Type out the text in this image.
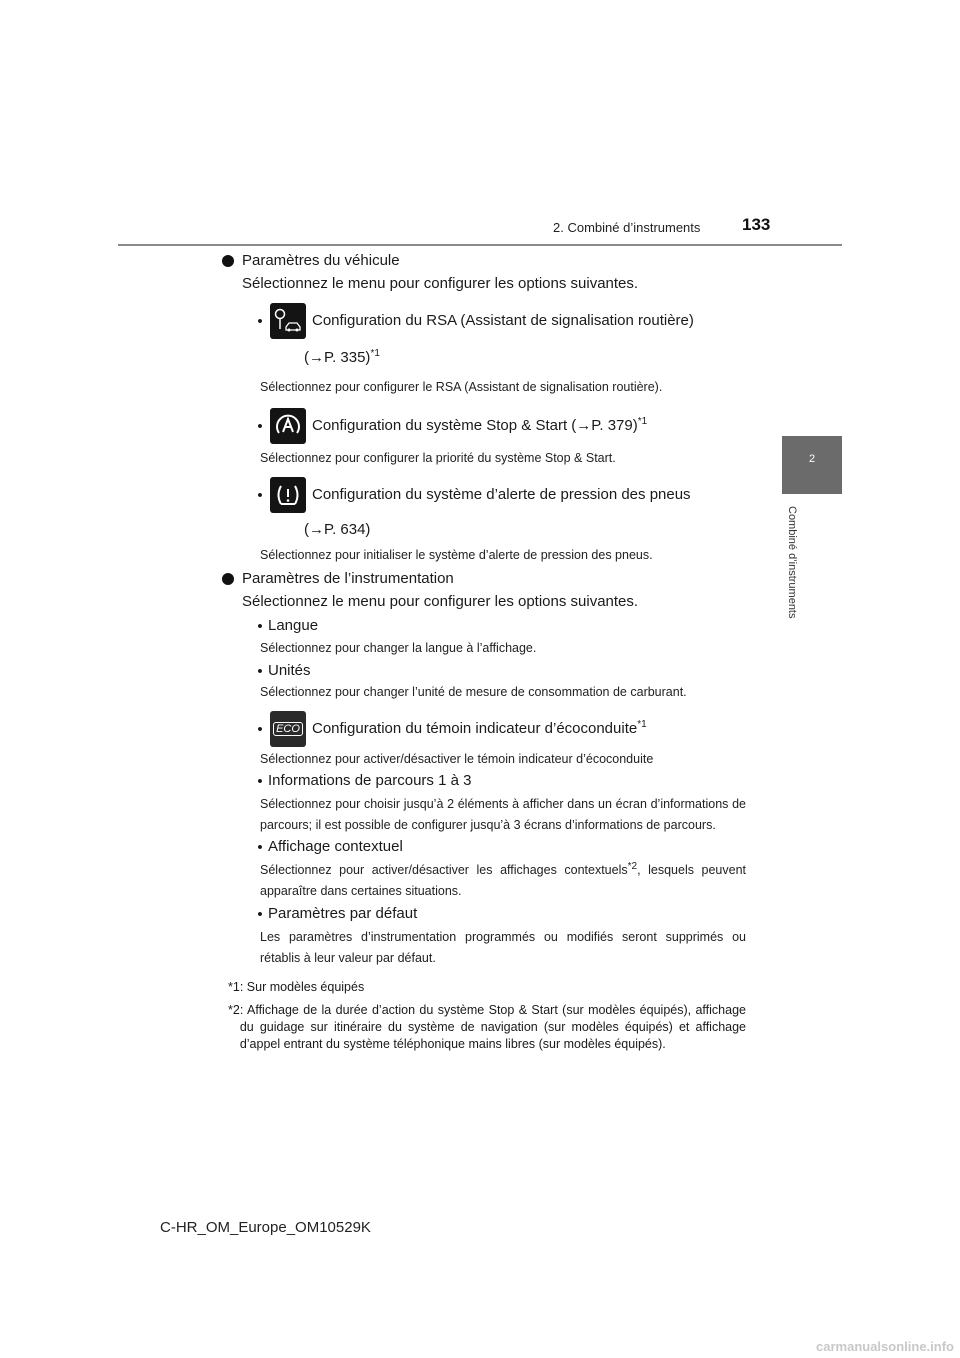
2. Combiné d’instruments 133
2
Combiné d’instruments
Paramètres du véhicule
Sélectionnez le menu pour configurer les options suivantes.
•	Configuration du RSA (Assistant de signalisation routière)
(→P. 335)$^{*1}$
Sélectionnez pour configurer le RSA (Assistant de signalisation routière).
•	Configuration du système Stop & Start (→P. 379)$^{*1}$
Sélectionnez pour configurer la priorité du système Stop & Start.
•	Configuration du système d’alerte de pression des pneus
(→P. 634)
Sélectionnez pour initialiser le système d’alerte de pression des pneus.
Paramètres de l’instrumentation
Sélectionnez le menu pour configurer les options suivantes.
• Langue
Sélectionnez pour changer la langue à l’affichage.
• Unités
Sélectionnez pour changer l’unité de mesure de consommation de carburant.
•	ECO Configuration du témoin indicateur d’écoconduite$^{*1}$
Sélectionnez pour activer/désactiver le témoin indicateur d’écoconduite
• Informations de parcours 1 à 3
Sélectionnez pour choisir jusqu’à 2 éléments à afficher dans un écran d’informations de parcours; il est possible de configurer jusqu’à 3 écrans d’informations de parcours.
• Affichage contextuel
Sélectionnez pour activer/désactiver les affichages contextuels$^{*2}$, lesquels peuvent apparaître dans certaines situations.
• Paramètres par défaut
Les paramètres d’instrumentation programmés ou modifiés seront supprimés ou rétablis à leur valeur par défaut.
*1 : Sur modèles équipés
*2 : Affichage de la durée d’action du système Stop & Start (sur modèles équipés), affichage du guidage sur itinéraire du système de navigation (sur modèles équipés) et affichage d’appel entrant du système téléphonique mains libres (sur modèles équipés).
C-HR_OM_Europe_OM10529K
carmanualsonline.info
